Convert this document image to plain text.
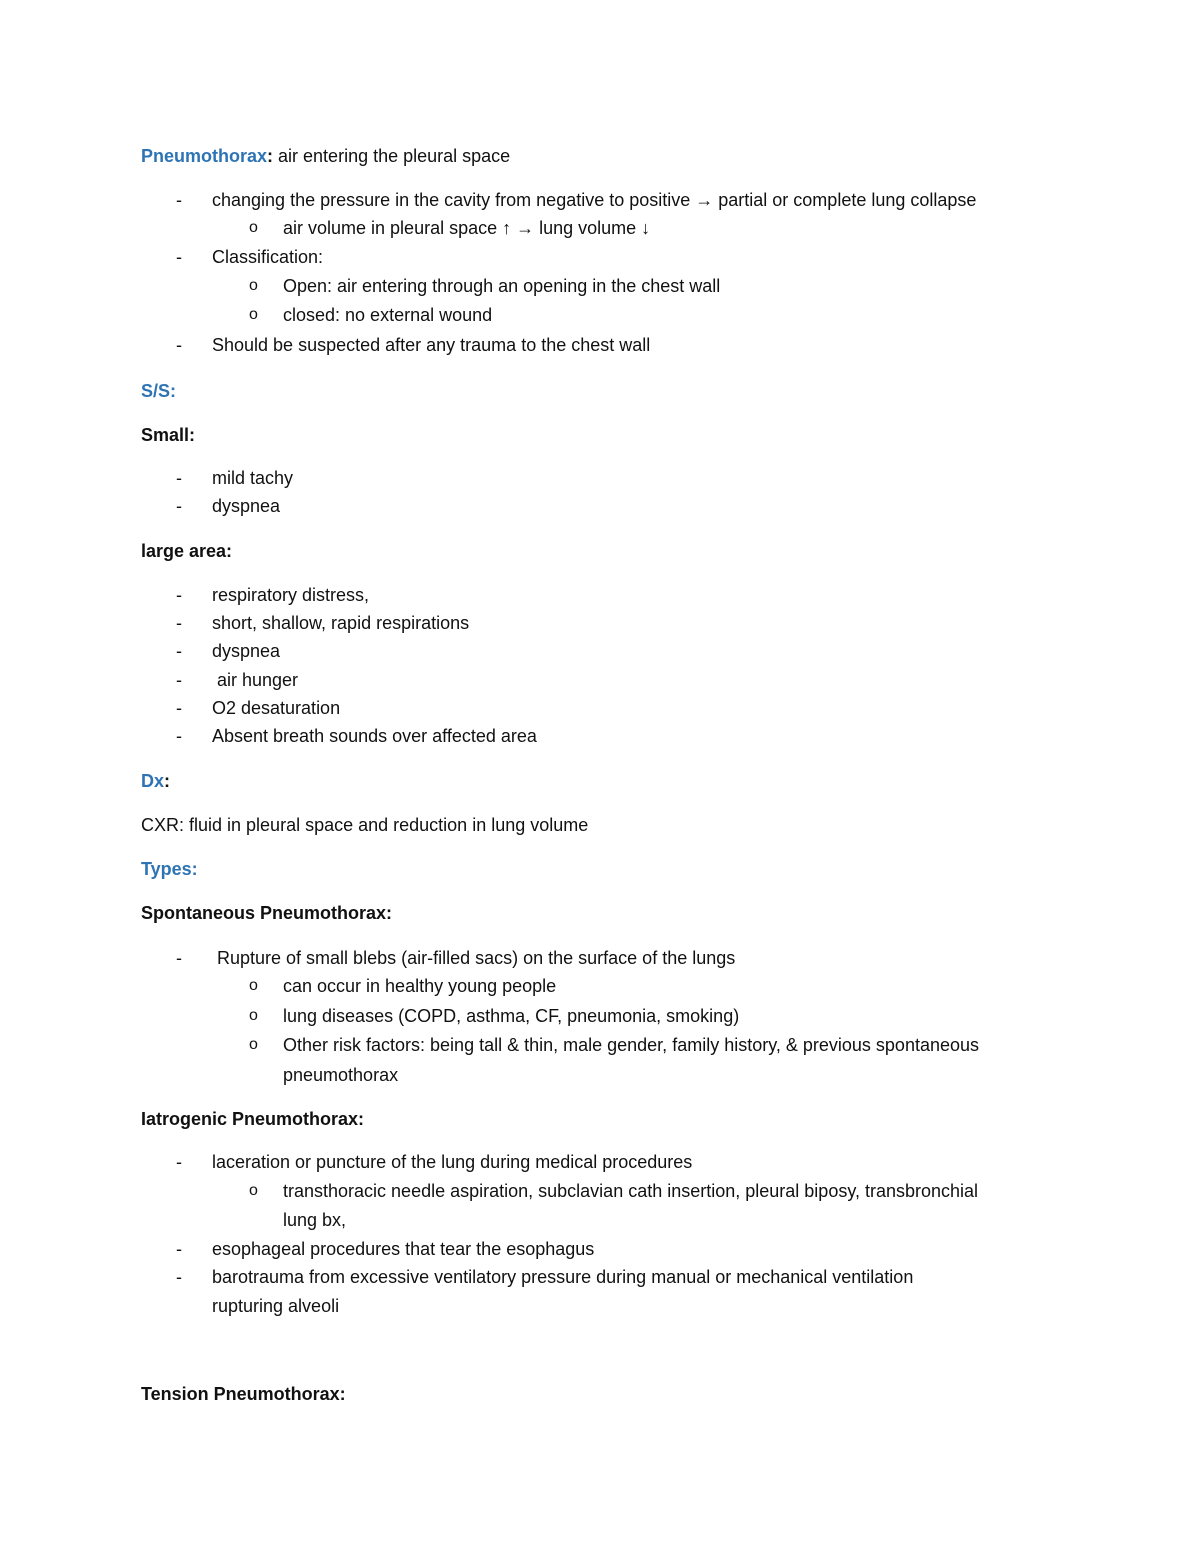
Pneumothorax: air entering the pleural space
- changing the pressure in the cavity from negative to positive → partial or complete lung collapse
o air volume in pleural space ↑ → lung volume ↓
- Classification:
o Open: air entering through an opening in the chest wall
o closed: no external wound
- Should be suspected after any trauma to the chest wall
S/S:
Small:
- mild tachy
- dyspnea
large area:
- respiratory distress,
- short, shallow, rapid respirations
- dyspnea
- air hunger
- O2 desaturation
- Absent breath sounds over affected area
Dx:
CXR: fluid in pleural space and reduction in lung volume
Types:
Spontaneous Pneumothorax:
- Rupture of small blebs (air-filled sacs) on the surface of the lungs
o can occur in healthy young people
o lung diseases (COPD, asthma, CF, pneumonia, smoking)
o Other risk factors: being tall & thin, male gender, family history, & previous spontaneous
pneumothorax
Iatrogenic Pneumothorax:
- laceration or puncture of the lung during medical procedures
o transthoracic needle aspiration, subclavian cath insertion, pleural biposy, transbronchial
lung bx,
- esophageal procedures that tear the esophagus
- barotrauma from excessive ventilatory pressure during manual or mechanical ventilation
rupturing alveoli
Tension Pneumothorax:
